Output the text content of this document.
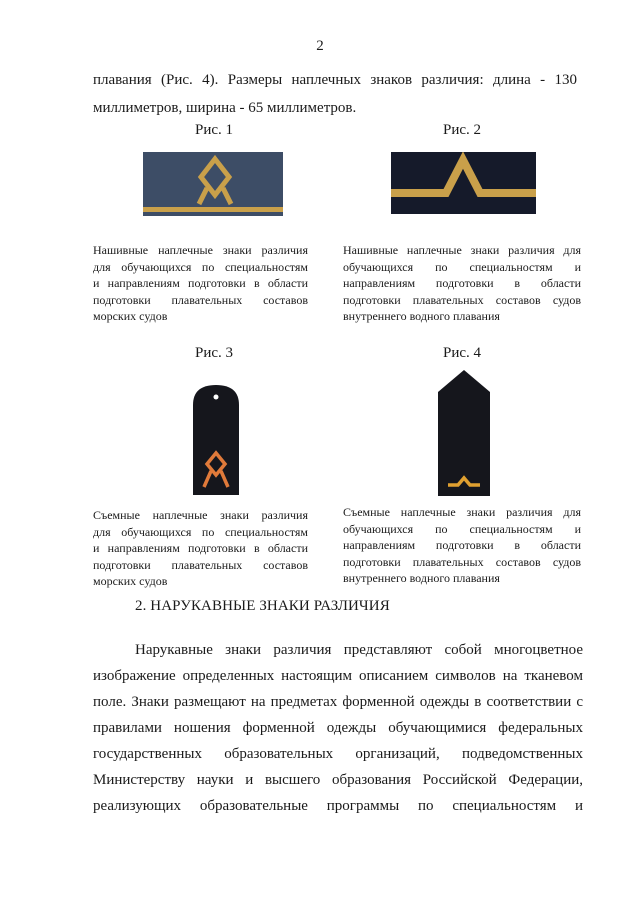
2
плавания (Рис. 4). Размеры наплечных знаков различия: длина - 130
миллиметров, ширина - 65 миллиметров.
Рис. 1
Нашивные наплечные знаки различия
для обучающихся по специальностям
и направлениям подготовки в области
подготовки плавательных составов
морских судов
Рис. 2
Нашивные наплечные знаки различия для
обучающихся по специальностям и
направлениям подготовки в области
подготовки плавательных составов судов
внутреннего водного плавания
Рис. 3
Съемные наплечные знаки различия
для обучающихся по специальностям
и направлениям подготовки в области
подготовки плавательных составов
морских судов
Рис. 4
Съемные наплечные знаки различия для
обучающихся по специальностям и
направлениям подготовки в области
подготовки плавательных составов судов
внутреннего водного плавания
2. НАРУКАВНЫЕ ЗНАКИ РАЗЛИЧИЯ
Нарукавные знаки различия представляют собой многоцветное
изображение определенных настоящим описанием символов на тканевом
поле. Знаки размещают на предметах форменной одежды в соответствии с
правилами ношения форменной одежды обучающимися федеральных
государственных образовательных организаций, подведомственных
Министерству науки и высшего образования Российской Федерации,
реализующих образовательные программы по специальностям и
